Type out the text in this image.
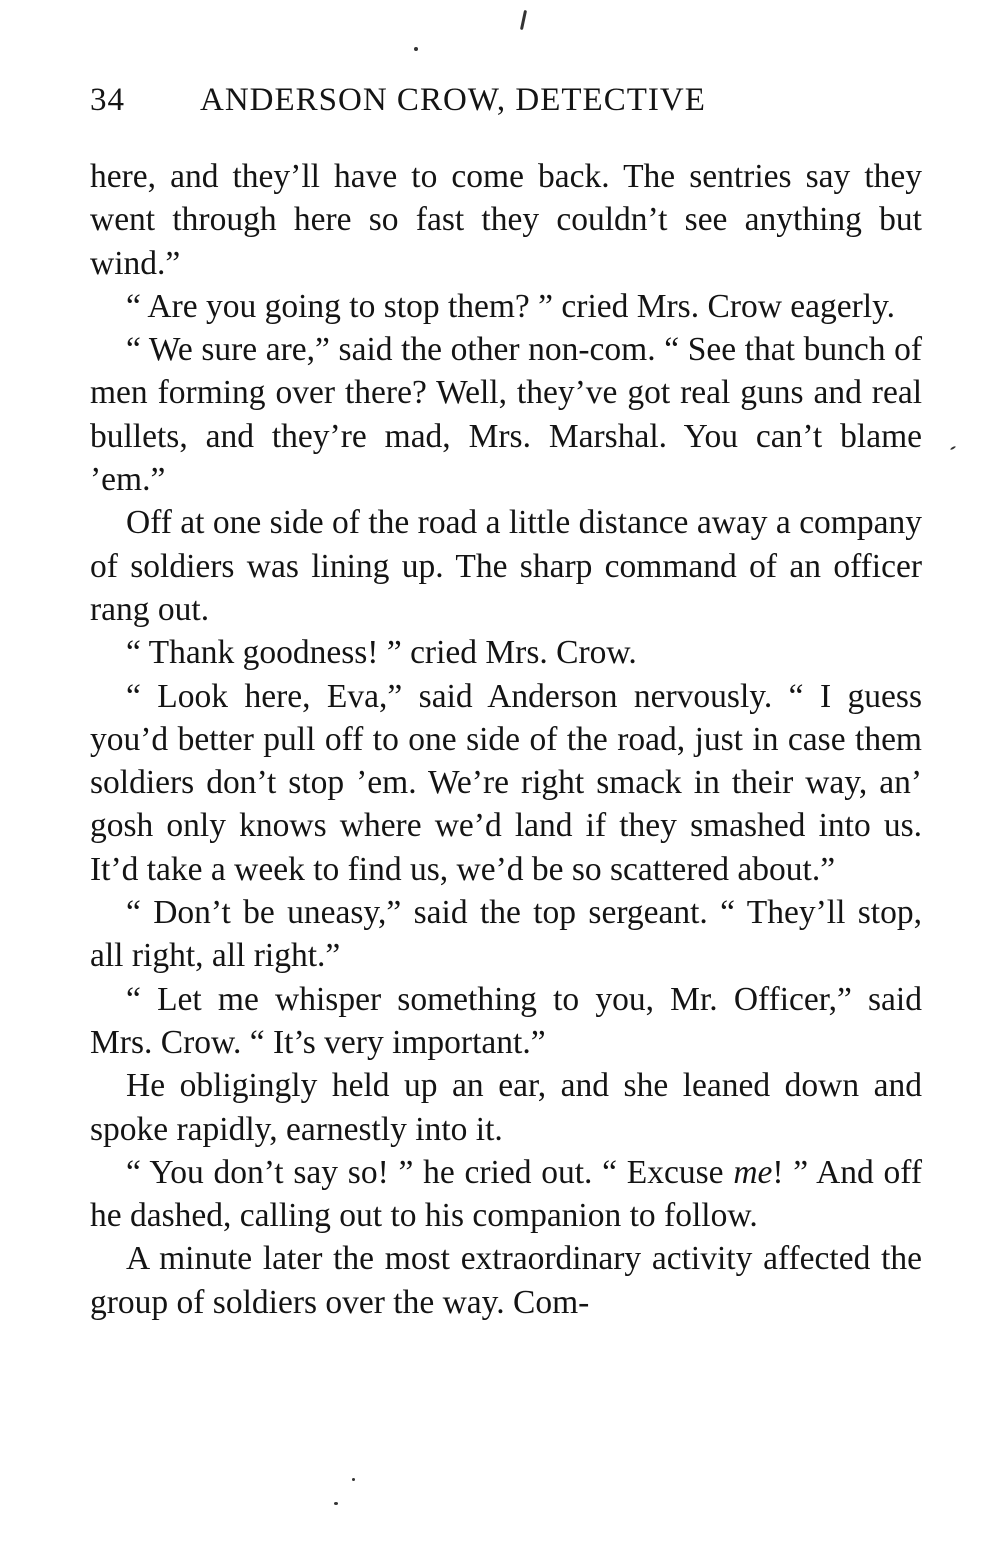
34 ANDERSON CROW, DETECTIVE

here, and they’ll have to come back. The sentries say they went through here so fast they couldn’t see anything but wind.”

“ Are you going to stop them? ” cried Mrs. Crow eagerly.

“ We sure are,” said the other non-com. “ See that bunch of men forming over there? Well, they’ve got real guns and real bullets, and they’re mad, Mrs. Marshal. You can’t blame ’em.”

Off at one side of the road a little distance away a company of soldiers was lining up. The sharp command of an officer rang out.

“ Thank goodness! ” cried Mrs. Crow.

“ Look here, Eva,” said Anderson nervously. “ I guess you’d better pull off to one side of the road, just in case them soldiers don’t stop ’em. We’re right smack in their way, an’ gosh only knows where we’d land if they smashed into us. It’d take a week to find us, we’d be so scattered about.”

“ Don’t be uneasy,” said the top sergeant. “ They’ll stop, all right, all right.”

“ Let me whisper something to you, Mr. Officer,” said Mrs. Crow. “ It’s very important.”

He obligingly held up an ear, and she leaned down and spoke rapidly, earnestly into it.

“ You don’t say so! ” he cried out. “ Excuse me! ” And off he dashed, calling out to his companion to follow.

A minute later the most extraordinary activity affected the group of soldiers over the way. Com-
